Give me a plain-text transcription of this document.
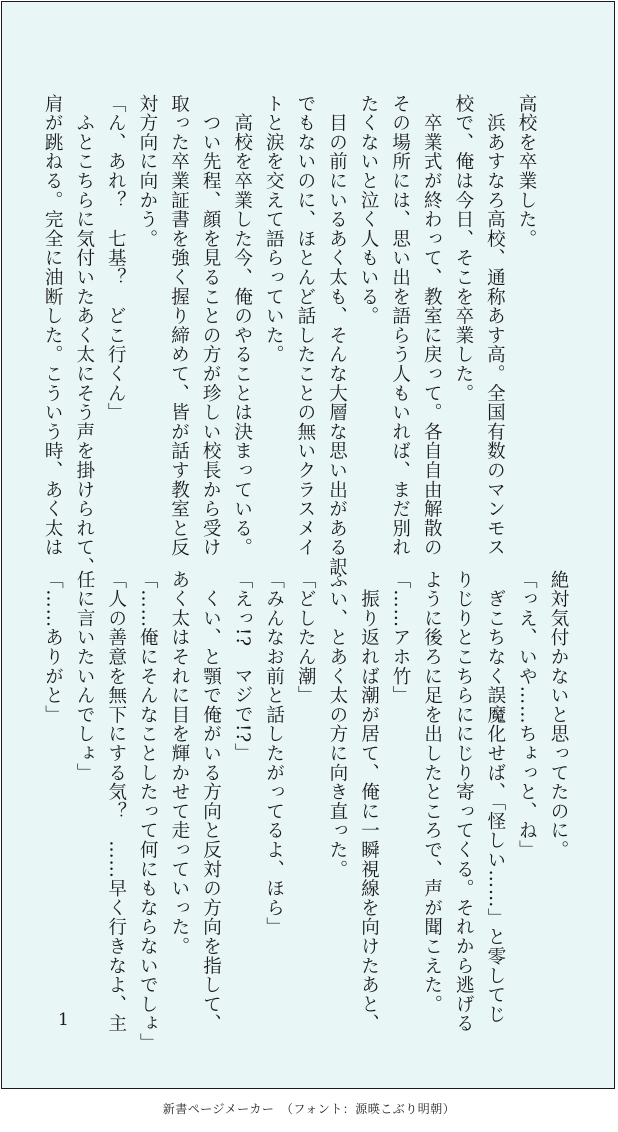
高校を卒業した。
　浜あすなろ高校、通称あす高。全国有数のマンモス
校で、俺は今日、そこを卒業した。
　卒業式が終わって、教室に戻って。各自自由解散の
その場所には、思い出を語らう人もいれば、まだ別れ
たくないと泣く人もいる。
　目の前にいるあく太も、そんな大層な思い出がある訳
でもないのに、ほとんど話したことの無いクラスメイ
トと涙を交えて語らっていた。
　高校を卒業した今、俺のやることは決まっている。
　つい先程、顔を見ることの方が珍しい校長から受け
取った卒業証書を強く握り締めて、皆が話す教室と反
対方向に向かう。
「ん、あれ？　七基？　どこ行くん」
　ふとこちらに気付いたあく太にそう声を掛けられて、
肩が跳ねる。完全に油断した。こういう時、あく太は
絶対気付かないと思ってたのに。
「っえ、いや……ちょっと、ね」
　ぎこちなく誤魔化せば、「怪しい……」と零してじ
りじりとこちらににじり寄ってくる。それから逃げる
ように後ろに足を出したところで、声が聞こえた。
「……アホ竹」
　振り返れば潮が居て、俺に一瞬視線を向けたあと、
ふい、とあく太の方に向き直った。
「どしたん潮」
「みんなお前と話したがってるよ、ほら」
「えっ!?　マジで!?」
　くい、と顎で俺がいる方向と反対の方向を指して、
あく太はそれに目を輝かせて走っていった。
「……俺にそんなことしたって何にもならないでしょ」
「人の善意を無下にする気？　……早く行きなよ、主
任に言いたいんでしょ」
「……ありがと」
1
新書ページメーカー　（フォント：源暎こぶり明朝）
